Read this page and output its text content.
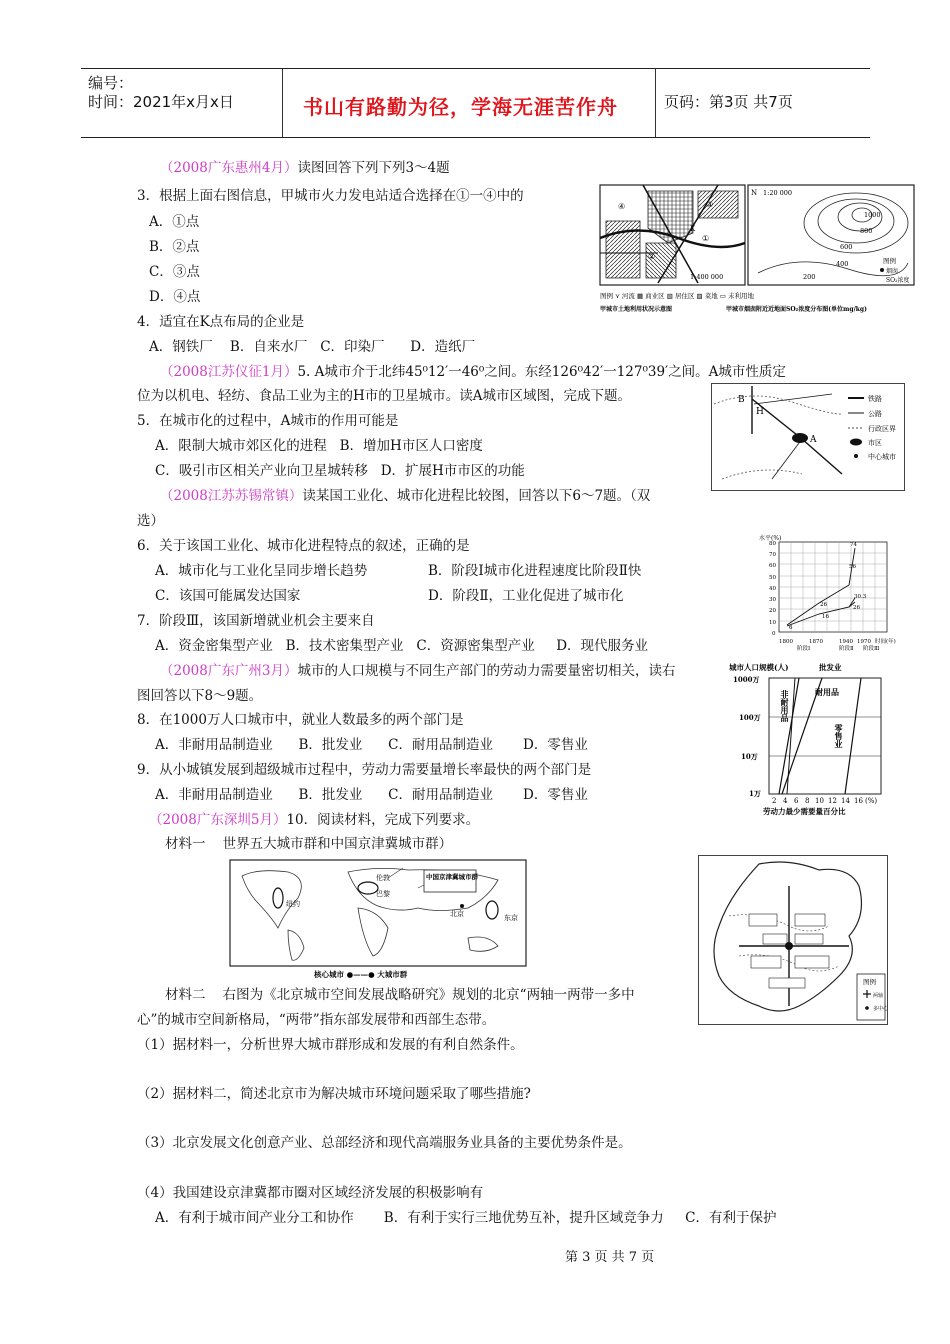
编号：
时间：2021年x月x日	书山有路勤为径，学海无涯苦作舟	页码：第3页 共7页
（2008广东惠州4月）读图回答下列下列3～4题
3．根据上面右图信息，甲城市火力发电站适合选择在①一④中的
A．①点
B．②点
C．③点
D．④点
4．适宜在K点布局的企业是
A．钢铁厂    B．自来水厂   C．印染厂      D．造纸厂
（2008江苏仪征1月）5. A城市介于北纬45⁰12′一46⁰之间。东经126⁰42′一127⁰39′之间。A城市性质定
位为以机电、轻纺、食品工业为主的H市的卫星城市。读A城市区域图，完成下题。
5．在城市化的过程中，A城市的作用可能是
A．限制大城市郊区化的进程   B．增加H市区人口密度
C．吸引市区相关产业向卫星城转移   D．扩展H市市区的功能
（2008江苏苏锡常镇）读某国工业化、城市化进程比较图，回答以下6～7题。（双
选）
6．关于该国工业化、城市化进程特点的叙述，正确的是
A．城市化与工业化呈同步增长趋势	B．阶段Ⅰ城市化进程速度比阶段Ⅱ快
C．该国可能属发达国家	D．阶段Ⅱ，工业化促进了城市化
7．阶段Ⅲ，该国新增就业机会主要来自
A．资金密集型产业   B．技术密集型产业   C．资源密集型产业     D．现代服务业
（2008广东广州3月）城市的人口规模与不同生产部门的劳动力需要量密切相关，读右
图回答以下8～9题。
8．在1000万人口城市中，就业人数最多的两个部门是
A．非耐用品制造业      B．批发业      C．耐用品制造业       D．零售业
9．从小城镇发展到超级城市过程中，劳动力需要量增长率最快的两个部门是
A．非耐用品制造业      B．批发业      C．耐用品制造业       D．零售业
（2008广东深圳5月）10．阅读材料，完成下列要求。
材料一    世界五大城市群和中国京津冀城市群）
材料二    右图为《北京城市空间发展战略研究》规划的北京“两轴一两带一多中
心”的城市空间新格局，“两带”指东部发展带和西部生态带。
（1）据材料一，分析世界大城市群形成和发展的有利自然条件。
（2）据材料二，简述北京市为解决城市环境问题采取了哪些措施?
（3）北京发展文化创意产业、总部经济和现代高端服务业具备的主要优势条件是。
（4）我国建设京津冀都市圈对区域经济发展的积极影响有
A．有利于城市间产业分工和协作       B．有利于实行三地优势互补，提升区域竞争力     C．有利于保护
第 3 页 共 7 页
①
②
③
④
K
1:400 000
N 1:20 000
1000
800
600
400
200
图例
烟囱
SO₂浓度
图例 ⋎ 河流 ▦ 商业区 ▧ 居住区 ▨ 菜地 ▭ 未利用地
甲城市土地利用状况示意图	甲城市烟囱附近近地面SO₂浓度分布图(单位mg/kg)
B
H
A
铁路
公路
行政区界
市区
中心城市
水平(%)
80
70
60
50
40
30
20
10
0
1800	1870	1940 1970 时间(年)
阶段Ⅰ	阶段Ⅱ 阶段Ⅲ
74
56
30.3
26	26
16
6
城市人口规模(人)	批发业
1000万
100万
10万
1万
2 4 6 8 10 12 14 16 (%)
劳动力最少需要量百分比
非耐用品	耐用品
零售业
中国京津冀城市群
伦敦
巴黎
纽约
北京	东京
核心城市 ●——● 大城市群
图例
两轴
多中心
